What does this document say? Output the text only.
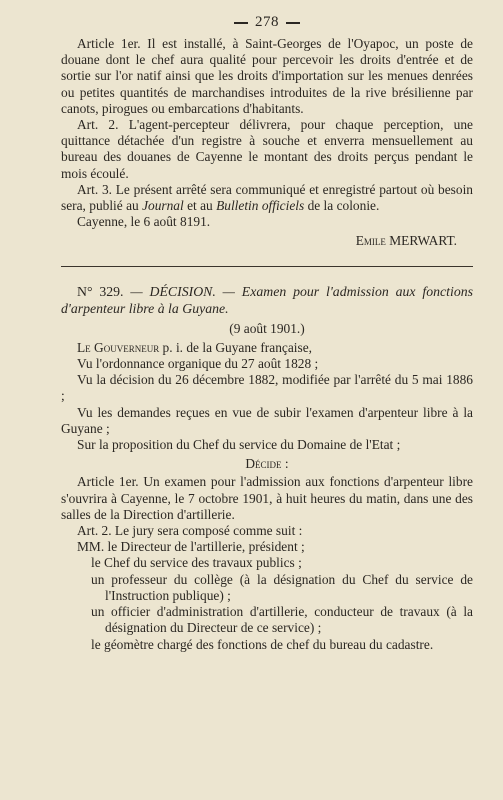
278

Article 1er. Il est installé, à Saint-Georges de l'Oyapoc, un poste de douane dont le chef aura qualité pour percevoir les droits d'entrée et de sortie sur l'or natif ainsi que les droits d'importation sur les menues denrées ou petites quantités de marchandises introduites de la rive brésilienne par canots, pirogues ou embarcations d'habitants.

Art. 2. L'agent-percepteur délivrera, pour chaque perception, une quittance détachée d'un registre à souche et enverra mensuellement au bureau des douanes de Cayenne le montant des droits perçus pendant le mois écoulé.

Art. 3. Le présent arrêté sera communiqué et enregistré partout où besoin sera, publié au Journal et au Bulletin officiels de la colonie.

Cayenne, le 6 août 8191.

Emile MERWART.

N° 329. — DÉCISION. — Examen pour l'admission aux fonctions d'arpenteur libre à la Guyane.

(9 août 1901.)

Le Gouverneur p. i. de la Guyane française,

Vu l'ordonnance organique du 27 août 1828 ;

Vu la décision du 26 décembre 1882, modifiée par l'arrêté du 5 mai 1886 ;

Vu les demandes reçues en vue de subir l'examen d'arpenteur libre à la Guyane ;

Sur la proposition du Chef du service du Domaine de l'Etat ;

Décide :

Article 1er. Un examen pour l'admission aux fonctions d'arpenteur libre s'ouvrira à Cayenne, le 7 octobre 1901, à huit heures du matin, dans une des salles de la Direction d'artillerie.

Art. 2. Le jury sera composé comme suit :

MM. le Directeur de l'artillerie, président ;

le Chef du service des travaux publics ;

un professeur du collège (à la désignation du Chef du service de l'Instruction publique) ;

un officier d'administration d'artillerie, conducteur de travaux (à la désignation du Directeur de ce service) ;

le géomètre chargé des fonctions de chef du bureau du cadastre.
